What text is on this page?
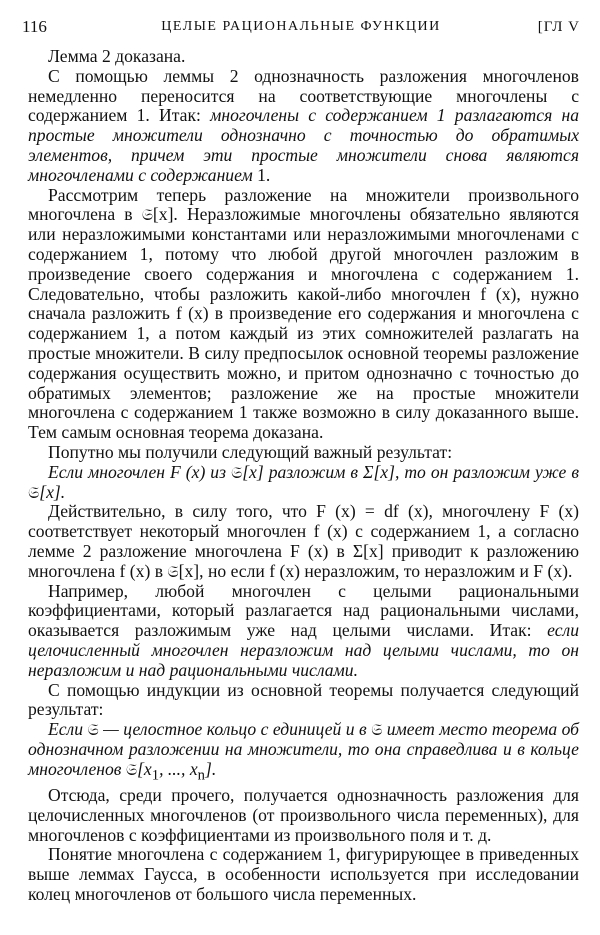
116	ЦЕЛЫЕ РАЦИОНАЛЬНЫЕ ФУНКЦИИ	[ГЛ V

Лемма 2 доказана.

С помощью леммы 2 однозначность разложения многочленов немедленно переносится на соответствующие многочлены с содержанием 1. Итак: многочлены с содержанием 1 разлагаются на простые множители однозначно с точностью до обратимых элементов, причем эти простые множители снова являются многочленами с содержанием 1.

Рассмотрим теперь разложение на множители произвольного многочлена в 𝔖[x]. Неразложимые многочлены обязательно являются или неразложимыми константами или неразложимыми многочленами с содержанием 1, потому что любой другой многочлен разложим в произведение своего содержания и многочлена с содержанием 1. Следовательно, чтобы разложить какой-либо многочлен f (x), нужно сначала разложить f (x) в произведение его содержания и многочлена с содержанием 1, а потом каждый из этих сомножителей разлагать на простые множители. В силу предпосылок основной теоремы разложение содержания осуществить можно, и притом однозначно с точностью до обратимых элементов; разложение же на простые множители многочлена с содержанием 1 также возможно в силу доказанного выше. Тем самым основная теорема доказана.

Попутно мы получили следующий важный результат:

Если многочлен F (x) из 𝔖[x] разложим в Σ[x], то он разложим уже в 𝔖[x].

Действительно, в силу того, что F (x) = df (x), многочлену F (x) соответствует некоторый многочлен f (x) с содержанием 1, а согласно лемме 2 разложение многочлена F (x) в Σ[x] приводит к разложению многочлена f (x) в 𝔖[x], но если f (x) неразложим, то неразложим и F (x).

Например, любой многочлен с целыми рациональными коэффициентами, который разлагается над рациональными числами, оказывается разложимым уже над целыми числами. Итак: если целочисленный многочлен неразложим над целыми числами, то он неразложим и над рациональными числами.

С помощью индукции из основной теоремы получается следующий результат:

Если 𝔖 — целостное кольцо с единицей и в 𝔖 имеет место теорема об однозначном разложении на множители, то она справедлива и в кольце многочленов $𝔖[x_1$, ..., $x_n$].

Отсюда, среди прочего, получается однозначность разложения для целочисленных многочленов (от произвольного числа переменных), для многочленов с коэффициентами из произвольного поля и т. д.

Понятие многочлена с содержанием 1, фигурирующее в приведенных выше леммах Гаусса, в особенности используется при исследовании колец многочленов от большого числа переменных.
